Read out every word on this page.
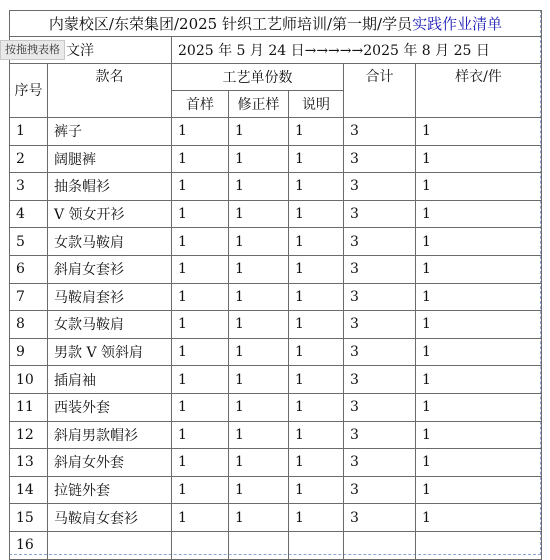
按拖拽表格
内蒙校区/东荣集团/2025 针织工艺师培训/第一期/学员实践作业清单						
文洋		2025 年 5 月 24 日→→→→→2025 年 8 月 25 日				
序号	款名	工艺单份数			合计	样衣/件
		首样	修正样	说明		
1	裤子	1	1	1	3	1
2	阔腿裤	1	1	1	3	1
3	抽条帽衫	1	1	1	3	1
4	V 领女开衫	1	1	1	3	1
5	女款马鞍肩	1	1	1	3	1
6	斜肩女套衫	1	1	1	3	1
7	马鞍肩套衫	1	1	1	3	1
8	女款马鞍肩	1	1	1	3	1
9	男款 V 领斜肩	1	1	1	3	1
10	插肩袖	1	1	1	3	1
11	西装外套	1	1	1	3	1
12	斜肩男款帽衫	1	1	1	3	1
13	斜肩女外套	1	1	1	3	1
14	拉链外套	1	1	1	3	1
15	马鞍肩女套衫	1	1	1	3	1
16						
